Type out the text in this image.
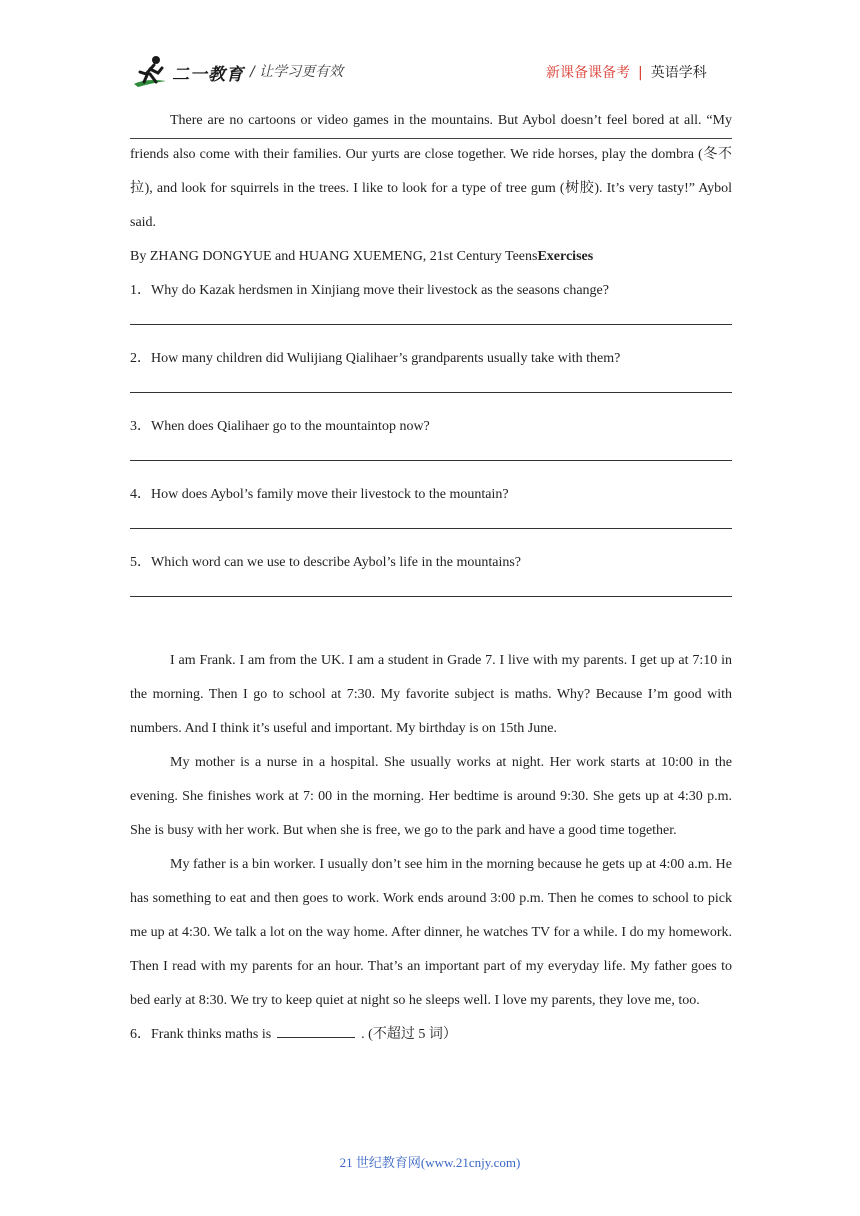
二一教育 / 让学习更有效	新课备课备考 | 英语学科

There are no cartoons or video games in the mountains. But Aybol doesn’t feel bored at all. “My friends also come with their families. Our yurts are close together. We ride horses, play the dombra (冬不拉), and look for squirrels in the trees. I like to look for a type of tree gum (树胶). It’s very tasty!” Aybol said.

By ZHANG DONGYUE and HUANG XUEMENG, 21st Century TeensExercises

1．Why do Kazak herdsmen in Xinjiang move their livestock as the seasons change?

2．How many children did Wulijiang Qialihaer’s grandparents usually take with them?

3．When does Qialihaer go to the mountaintop now?

4．How does Aybol’s family move their livestock to the mountain?

5．Which word can we use to describe Aybol’s life in the mountains?

I am Frank. I am from the UK. I am a student in Grade 7. I live with my parents. I get up at 7:10 in the morning. Then I go to school at 7:30. My favorite subject is maths. Why? Because I’m good with numbers. And I think it’s useful and important. My birthday is on 15th June.

My mother is a nurse in a hospital. She usually works at night. Her work starts at 10:00 in the evening. She finishes work at 7: 00 in the morning. Her bedtime is around 9:30. She gets up at 4:30 p.m. She is busy with her work. But when she is free, we go to the park and have a good time together.

My father is a bin worker. I usually don’t see him in the morning because he gets up at 4:00 a.m. He has something to eat and then goes to work. Work ends around 3:00 p.m. Then he comes to school to pick me up at 4:30. We talk a lot on the way home. After dinner, he watches TV for a while. I do my homework. Then I read with my parents for an hour. That’s an important part of my everyday life. My father goes to bed early at 8:30. We try to keep quiet at night so he sleeps well. I love my parents, they love me, too.

6．Frank thinks maths is	. (不超过 5 词）

21 世纪教育网(www.21cnjy.com)
